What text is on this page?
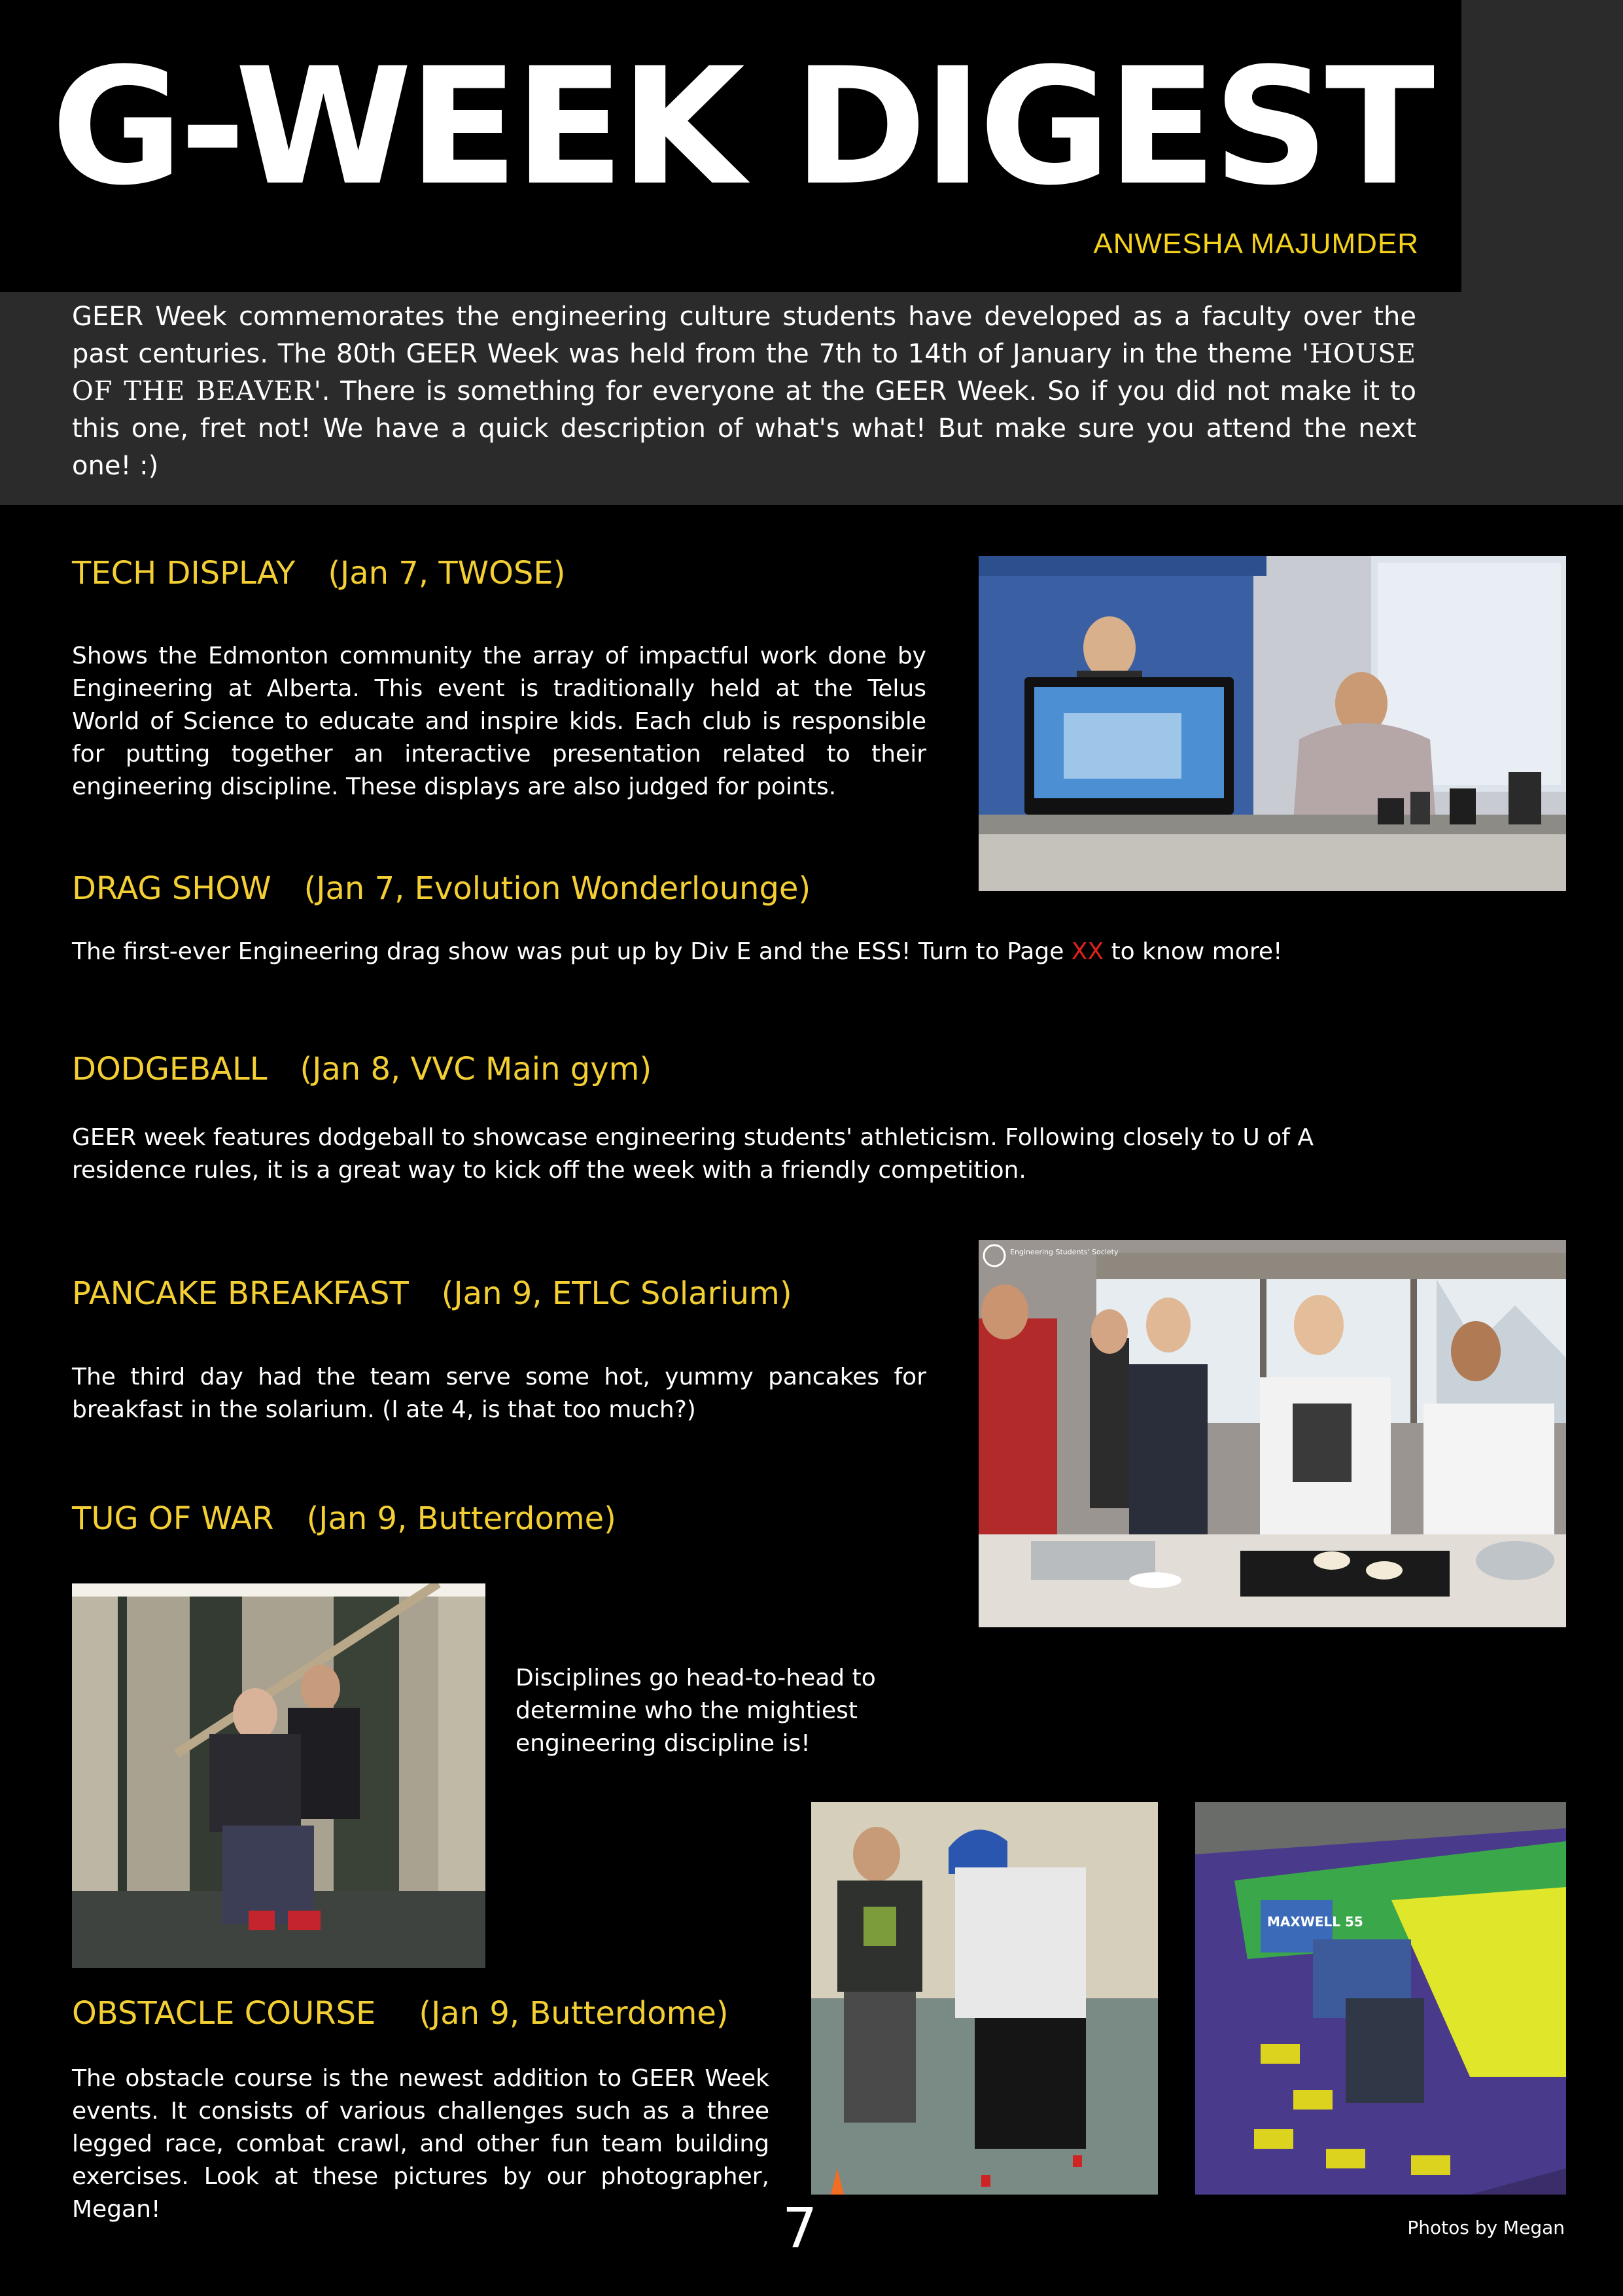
G-WEEK DIGEST
ANWESHA MAJUMDER
GEER Week commemorates the engineering culture students have developed as a faculty over the past centuries. The 80th GEER Week was held from the 7th to 14th of January in the theme 'HOUSE OF THE BEAVER'. There is something for everyone at the GEER Week. So if you did not make it to this one, fret not! We have a quick description of what's what! But make sure you attend the next one! :)
TECH DISPLAY (Jan 7, TWOSE)
Shows the Edmonton community the array of impactful work done by Engineering at Alberta. This event is traditionally held at the Telus World of Science to educate and inspire kids. Each club is responsible for putting together an interactive presentation related to their engineering discipline. These displays are also judged for points.
DRAG SHOW (Jan 7, Evolution Wonderlounge)
The first-ever Engineering drag show was put up by Div E and the ESS! Turn to Page XX to know more!
DODGEBALL (Jan 8, VVC Main gym)
GEER week features dodgeball to showcase engineering students' athleticism. Following closely to U of A residence rules, it is a great way to kick off the week with a friendly competition.
PANCAKE BREAKFAST (Jan 9, ETLC Solarium)
The third day had the team serve some hot, yummy pancakes for breakfast in the solarium. (I ate 4, is that too much?)
Engineering Students' Society
TUG OF WAR (Jan 9, Butterdome)
Disciplines go head-to-head to determine who the mightiest engineering discipline is!
OBSTACLE COURSE (Jan 9, Butterdome)
The obstacle course is the newest addition to GEER Week events. It consists of various challenges such as a three legged race, combat crawl, and other fun team building exercises. Look at these pictures by our photographer, Megan!
MAXWELL 55
7	Photos by Megan
